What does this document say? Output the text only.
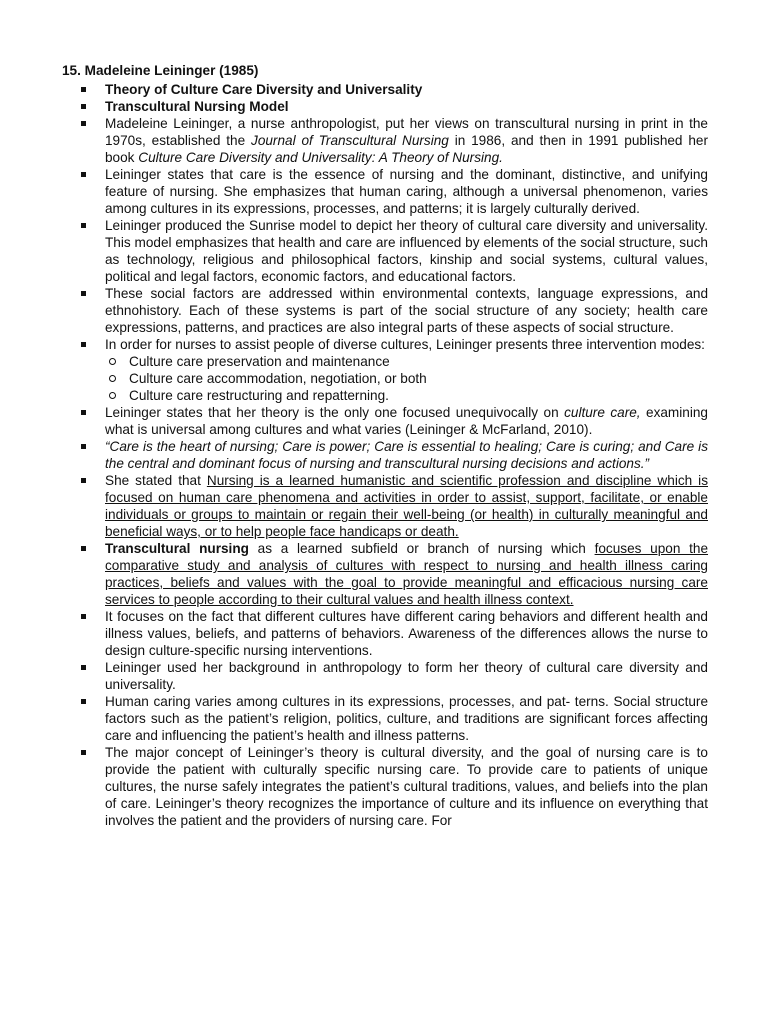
15. Madeleine Leininger (1985)
Theory of Culture Care Diversity and Universality
Transcultural Nursing Model
Madeleine Leininger, a nurse anthropologist, put her views on transcultural nursing in print in the 1970s, established the Journal of Transcultural Nursing in 1986, and then in 1991 published her book Culture Care Diversity and Universality: A Theory of Nursing.
Leininger states that care is the essence of nursing and the dominant, distinctive, and unifying feature of nursing. She emphasizes that human caring, although a universal phenomenon, varies among cultures in its expressions, processes, and patterns; it is largely culturally derived.
Leininger produced the Sunrise model to depict her theory of cultural care diversity and universality. This model emphasizes that health and care are influenced by elements of the social structure, such as technology, religious and philosophical factors, kinship and social systems, cultural values, political and legal factors, economic factors, and educational factors.
These social factors are addressed within environmental contexts, language expressions, and ethnohistory. Each of these systems is part of the social structure of any society; health care expressions, patterns, and practices are also integral parts of these aspects of social structure.
In order for nurses to assist people of diverse cultures, Leininger presents three intervention modes:
Culture care preservation and maintenance
Culture care accommodation, negotiation, or both
Culture care restructuring and repatterning.
Leininger states that her theory is the only one focused unequivocally on culture care, examining what is universal among cultures and what varies (Leininger & McFarland, 2010).
“Care is the heart of nursing; Care is power; Care is essential to healing; Care is curing; and Care is the central and dominant focus of nursing and transcultural nursing decisions and actions.”
She stated that Nursing is a learned humanistic and scientific profession and discipline which is focused on human care phenomena and activities in order to assist, support, facilitate, or enable individuals or groups to maintain or regain their well-being (or health) in culturally meaningful and beneficial ways, or to help people face handicaps or death.
Transcultural nursing as a learned subfield or branch of nursing which focuses upon the comparative study and analysis of cultures with respect to nursing and health illness caring practices, beliefs and values with the goal to provide meaningful and efficacious nursing care services to people according to their cultural values and health illness context.
It focuses on the fact that different cultures have different caring behaviors and different health and illness values, beliefs, and patterns of behaviors. Awareness of the differences allows the nurse to design culture-specific nursing interventions.
Leininger used her background in anthropology to form her theory of cultural care diversity and universality.
Human caring varies among cultures in its expressions, processes, and pat- terns. Social structure factors such as the patient’s religion, politics, culture, and traditions are significant forces affecting care and influencing the patient’s health and illness patterns.
The major concept of Leininger’s theory is cultural diversity, and the goal of nursing care is to provide the patient with culturally specific nursing care. To provide care to patients of unique cultures, the nurse safely integrates the patient’s cultural traditions, values, and beliefs into the plan of care. Leininger’s theory recognizes the importance of culture and its influence on everything that involves the patient and the providers of nursing care. For
